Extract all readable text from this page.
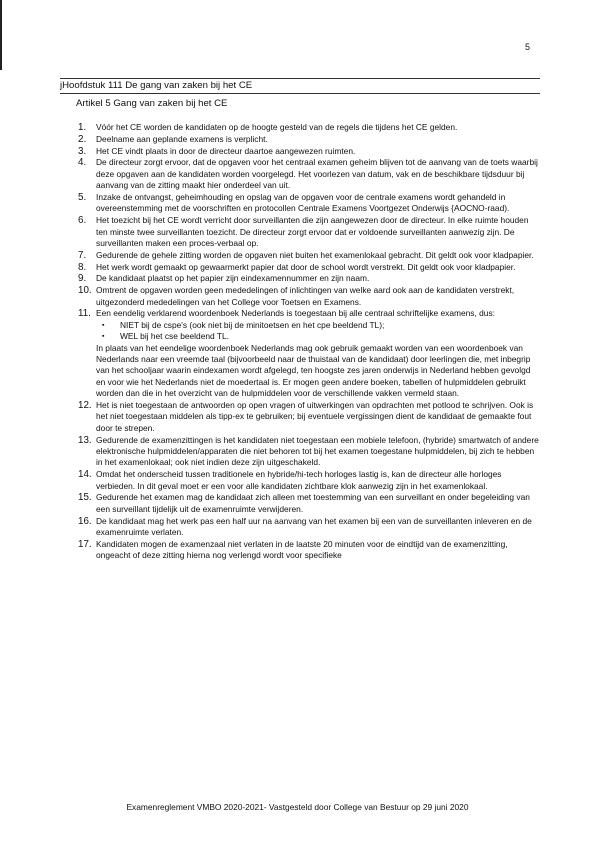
5
jHoofdstuk 111 De gang van zaken bij het CE
Artikel 5 Gang van zaken bij het CE
1. Vóór het CE worden de kandidaten op de hoogte gesteld van de regels die tijdens het CE gelden.
2. Deelname aan geplande examens is verplicht.
3. Het CE vindt plaats in door de directeur daartoe aangewezen ruimten.
4. De directeur zorgt ervoor, dat de opgaven voor het centraal examen geheim blijven tot de aanvang van de toets waarbij deze opgaven aan de kandidaten worden voorgelegd. Het voorlezen van datum, vak en de beschikbare tijdsduur bij aanvang van de zitting maakt hier onderdeel van uit.
5. Inzake de ontvangst, geheimhouding en opslag van de opgaven voor de centrale examens wordt gehandeld in overeenstemming met de voorschriften en protocollen Centrale Examens Voortgezet Onderwijs {AOCNO-raad).
6. Het toezicht bij het CE wordt verricht door surveillanten die zijn aangewezen door de directeur. In elke ruimte houden ten minste twee surveillanten toezicht. De directeur zorgt ervoor dat er voldoende surveillanten aanwezig zijn. De surveillanten maken een proces-verbaal op.
7. Gedurende de gehele zitting worden de opgaven niet buiten het examenlokaal gebracht. Dit geldt ook voor kladpapier.
8. Het werk wordt gemaakt op gewaarmerkt papier dat door de school wordt verstrekt. Dit geldt ook voor kladpapier.
9. De kandidaat plaatst op het papier zijn eindexamennummer en zijn naam.
10. Omtrent de opgaven worden geen mededelingen of inlichtingen van welke aard ook aan de kandidaten verstrekt, uitgezonderd mededelingen van het College voor Toetsen en Examens.
11. Een eendelig verklarend woordenboek Nederlands is toegestaan bij alle centraal schriftelijke examens, dus:
▪	NIET bij de cspe's (ook niet bij de minitoetsen en het cpe beeldend TL);
▪	WEL bij het cse beeldend TL.
In plaats van het eendelige woordenboek Nederlands mag ook gebruik gemaakt worden van een woordenboek van Nederlands naar een vreemde taal (bijvoorbeeld naar de thuistaal van de kandidaat) door leerlingen die, met inbegrip van het schooljaar waarin eindexamen wordt afgelegd, ten hoogste zes jaren onderwijs in Nederland hebben gevolgd en voor wie het Nederlands niet de moedertaal is. Er mogen geen andere boeken, tabellen of hulpmiddelen gebruikt worden dan die in het overzicht van de hulpmiddelen voor de verschillende vakken vermeld staan.
12. Het is niet toegestaan de antwoorden op open vragen of uitwerkingen van opdrachten met potlood te schrijven. Ook is het niet toegestaan middelen als tipp-ex te gebruiken; bij eventuele vergissingen dient de kandidaat de gemaakte fout door te strepen.
13. Gedurende de examenzittingen is het kandidaten niet toegestaan een mobiele telefoon, (hybride) smartwatch of andere elektronische hulpmiddelen/apparaten die niet behoren tot bij het examen toegestane hulpmiddelen, bij zich te hebben in het examenlokaal; ook niet indien deze zijn uitgeschakeld.
14. Omdat het onderscheid tussen traditionele en hybride/hi-tech horloges lastig is, kan de directeur alle horloges verbieden. In dit geval moet er een voor alle kandidaten zichtbare klok aanwezig zijn in het examenlokaal.
15. Gedurende het examen mag de kandidaat zich alleen met toestemming van een surveillant en onder begeleiding van een surveillant tijdelijk uit de examenruimte verwijderen.
16. De kandidaat mag het werk pas een half uur na aanvang van het examen bij een van de surveillanten inleveren en de examenruimte verlaten.
17. Kandidaten mogen de examenzaal niet verlaten in de laatste 20 minuten voor de eindtijd van de examenzitting, ongeacht of deze zitting hierna nog verlengd wordt voor specifieke
Examenreglement VMBO 2020-2021- Vastgesteld door College van Bestuur op 29 juni 2020
